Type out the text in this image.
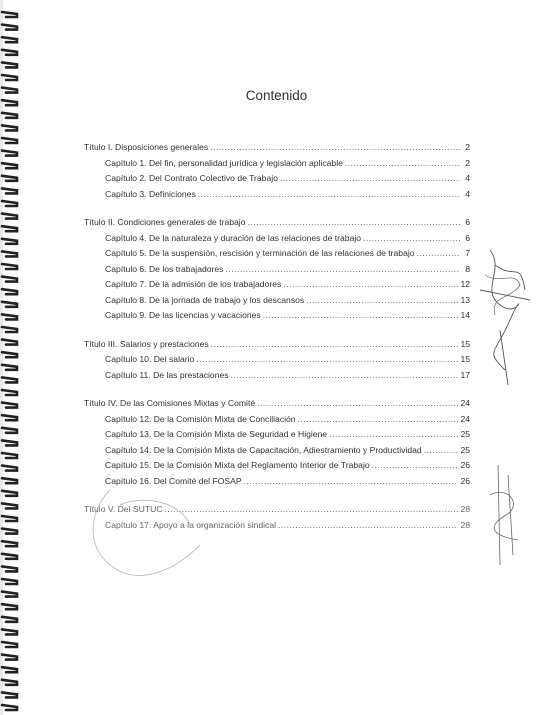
Contenido
Título I. Disposiciones generales .....	2
Capítulo 1. Del fin, personalidad jurídica y legislación aplicable .....	2
Capítulo 2. Del Contrato Colectivo de Trabajo .....	4
Capítulo 3. Definiciones .....	4
Título II. Condiciones generales de trabajo .....	6
Capítulo 4. De la naturaleza y duración de las relaciones de trabajo .....	6
Capítulo 5. De la suspensión, rescisión y terminación de las relaciones de trabajo .....	7
Capítulo 6. De los trabajadores .....	8
Capítulo 7. De la admisión de los trabajadores .....	12
Capítulo 8. De la jornada de trabajo y los descansos .....	13
Capítulo 9. De las licencias y vacaciones .....	14
Título III. Salarios y prestaciones .....	15
Capítulo 10. Del salario .....	15
Capítulo 11. De las prestaciones .....	17
Título IV. De las Comisiones Mixtas y Comité .....	24
Capítulo 12. De la Comisión Mixta de Conciliación .....	24
Capítulo 13. De la Comisión Mixta de Seguridad e Higiene .....	25
Capítulo 14. De la Comisión Mixta de Capacitación, Adiestramiento y Productividad .....	25
Capítulo 15. De la Comisión Mixta del Reglamento Interior de Trabajo .....	26
Capítulo 16. Del Comité del FOSAP .....	26
Título V. Del SUTUC .....	28
Capítulo 17. Apoyo a la organización sindical .....	28
